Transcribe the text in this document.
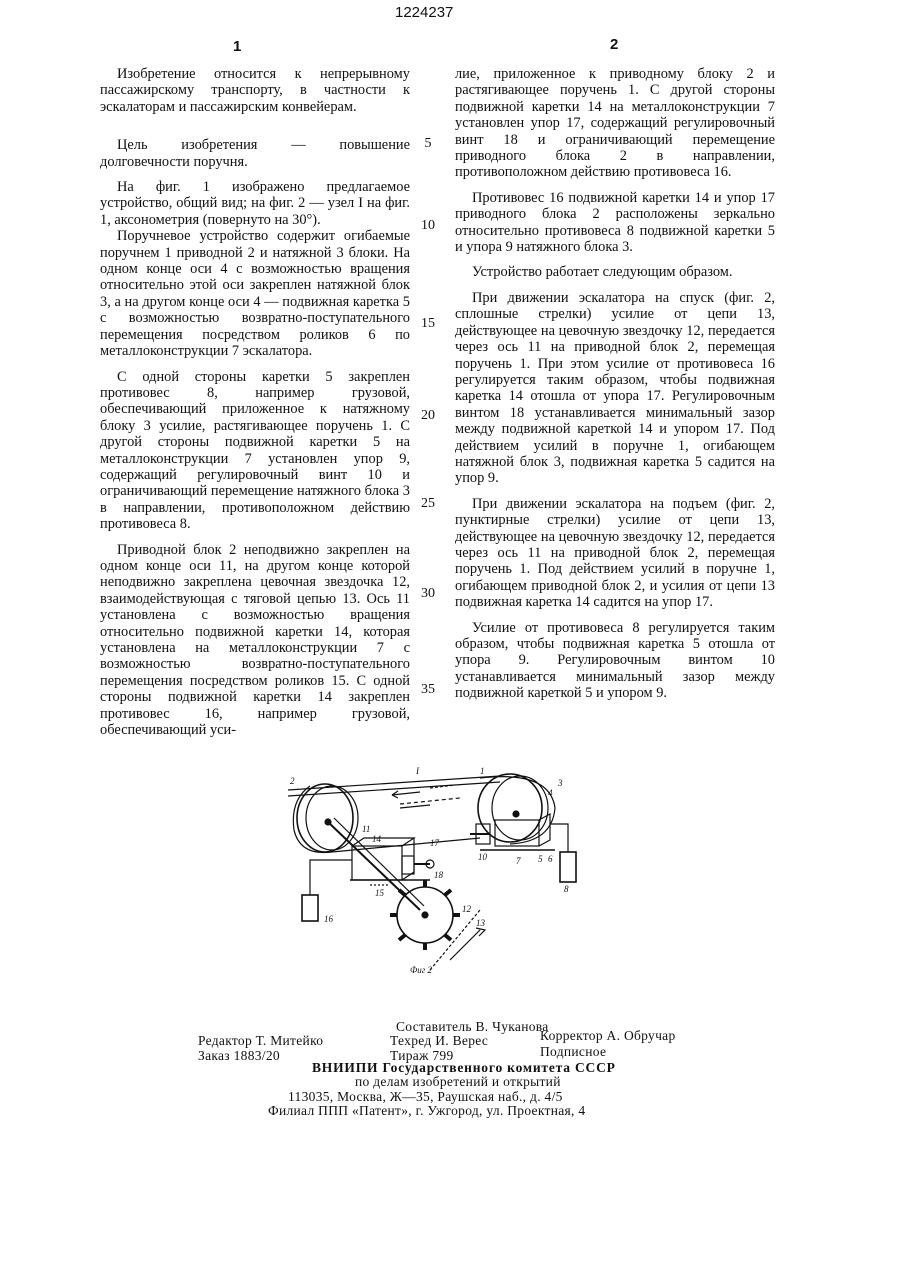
1
1224237
2

Изобретение относится к непрерывному пассажирскому транспорту, в частности к эскалаторам и пассажирским конвейерам.

Цель изобретения — повышение долговечности поручня.

На фиг. 1 изображено предлагаемое устройство, общий вид; на фиг. 2 — узел I на фиг. 1, аксонометрия (повернуто на 30°).

Поручневое устройство содержит огибаемые поручнем 1 приводной 2 и натяжной 3 блоки. На одном конце оси 4 с возможностью вращения относительно этой оси закреплен натяжной блок 3, а на другом конце оси 4 — подвижная каретка 5 с возможностью возвратно-поступательного перемещения посредством роликов 6 по металлоконструкции 7 эскалатора.

С одной стороны каретки 5 закреплен противовес 8, например грузовой, обеспечивающий приложенное к натяжному блоку 3 усилие, растягивающее поручень 1. С другой стороны подвижной каретки 5 на металлоконструкции 7 установлен упор 9, содержащий регулировочный винт 10 и ограничивающий перемещение натяжного блока 3 в направлении, противоположном действию противовеса 8.

Приводной блок 2 неподвижно закреплен на одном конце оси 11, на другом конце которой неподвижно закреплена цевочная звездочка 12, взаимодействующая с тяговой цепью 13. Ось 11 установлена с возможностью вращения относительно подвижной каретки 14, которая установлена на металлоконструкции 7 с возможностью возвратно-поступательного перемещения посредством роликов 15. С одной стороны подвижной каретки 14 закреплен противовес 16, например грузовой, обеспечивающий уси-

5
10
15
20
25
30
35

лие, приложенное к приводному блоку 2 и растягивающее поручень 1. С другой стороны подвижной каретки 14 на металлоконструкции 7 установлен упор 17, содержащий регулировочный винт 18 и ограничивающий перемещение приводного блока 2 в направлении, противоположном действию противовеса 16.

Противовес 16 подвижной каретки 14 и упор 17 приводного блока 2 расположены зеркально относительно противовеса 8 подвижной каретки 5 и упора 9 натяжного блока 3.

Устройство работает следующим образом.

При движении эскалатора на спуск (фиг. 2, сплошные стрелки) усилие от цепи 13, действующее на цевочную звездочку 12, передается через ось 11 на приводной блок 2, перемещая поручень 1. При этом усилие от противовеса 16 регулируется таким образом, чтобы подвижная каретка 14 отошла от упора 17. Регулировочным винтом 18 устанавливается минимальный зазор между подвижной кареткой 14 и упором 17. Под действием усилий в поручне 1, огибающем натяжной блок 3, подвижная каретка 5 садится на упор 9.

При движении эскалатора на подъем (фиг. 2, пунктирные стрелки) усилие от цепи 13, действующее на цевочную звездочку 12, передается через ось 11 на приводной блок 2, перемещая поручень 1. Под действием усилий в поручне 1, огибающем приводной блок 2, и усилия от цепи 13 подвижная каретка 14 садится на упор 17.

Усилие от противовеса 8 регулируется таким образом, чтобы подвижная каретка 5 отошла от упора 9. Регулировочным винтом 10 устанавливается минимальный зазор между подвижной кареткой 5 и упором 9.

I	1
2	3
4
5 6
7
8
10
11
12
13
14
15
16
17
18
Фиг 2
Составитель В. Чуканова
Редактор Т. Митейко	Техред И. Верес	Корректор А. Обручар
Заказ 1883/20	Тираж 799	Подписное
ВНИИПИ Государственного комитета СССР
по делам изобретений и открытий
113035, Москва, Ж—35, Раушская наб., д. 4/5
Филиал ППП «Патент», г. Ужгород, ул. Проектная, 4
